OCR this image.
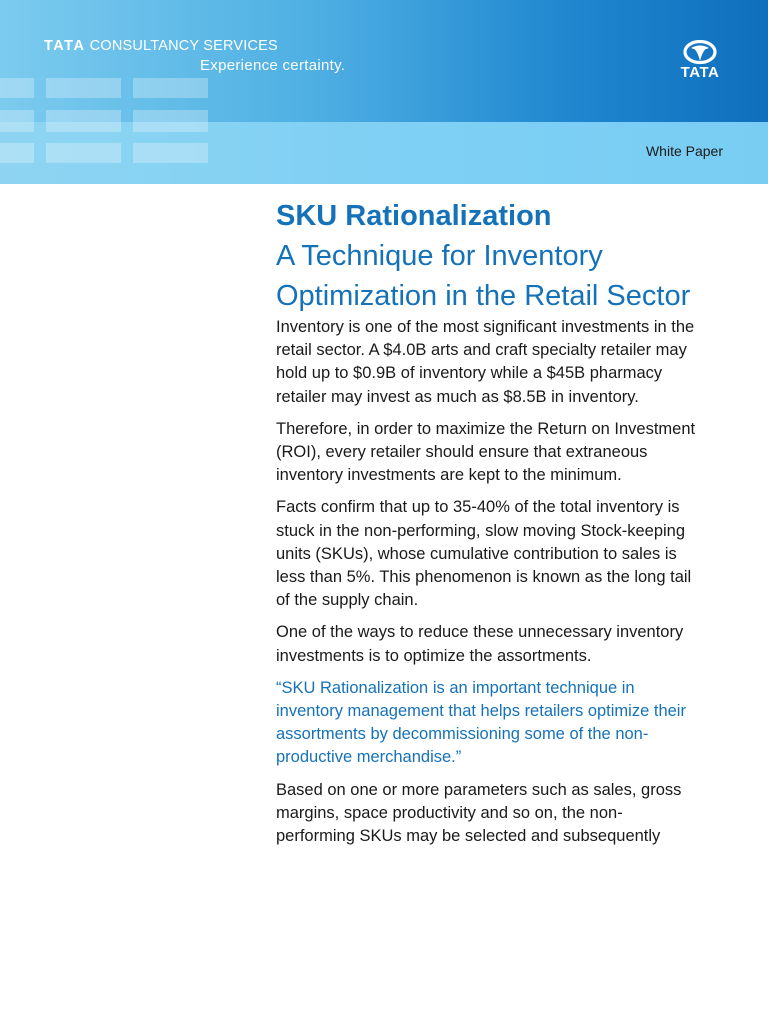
TATA CONSULTANCY SERVICES
Experience certainty.	TATA
White Paper
SKU Rationalization
A Technique for Inventory Optimization in the Retail Sector

Inventory is one of the most significant investments in the retail sector. A $4.0B arts and craft specialty retailer may hold up to $0.9B of inventory while a $45B pharmacy retailer may invest as much as $8.5B in inventory.

Therefore, in order to maximize the Return on Investment (ROI), every retailer should ensure that extraneous inventory investments are kept to the minimum.

Facts confirm that up to 35-40% of the total inventory is stuck in the non-performing, slow moving Stock-keeping units (SKUs), whose cumulative contribution to sales is less than 5%. This phenomenon is known as the long tail of the supply chain.

One of the ways to reduce these unnecessary inventory investments is to optimize the assortments.

“SKU Rationalization is an important technique in inventory management that helps retailers optimize their assortments by decommissioning some of the non- productive merchandise.”

Based on one or more parameters such as sales, gross margins, space productivity and so on, the non-performing SKUs may be selected and subsequently
